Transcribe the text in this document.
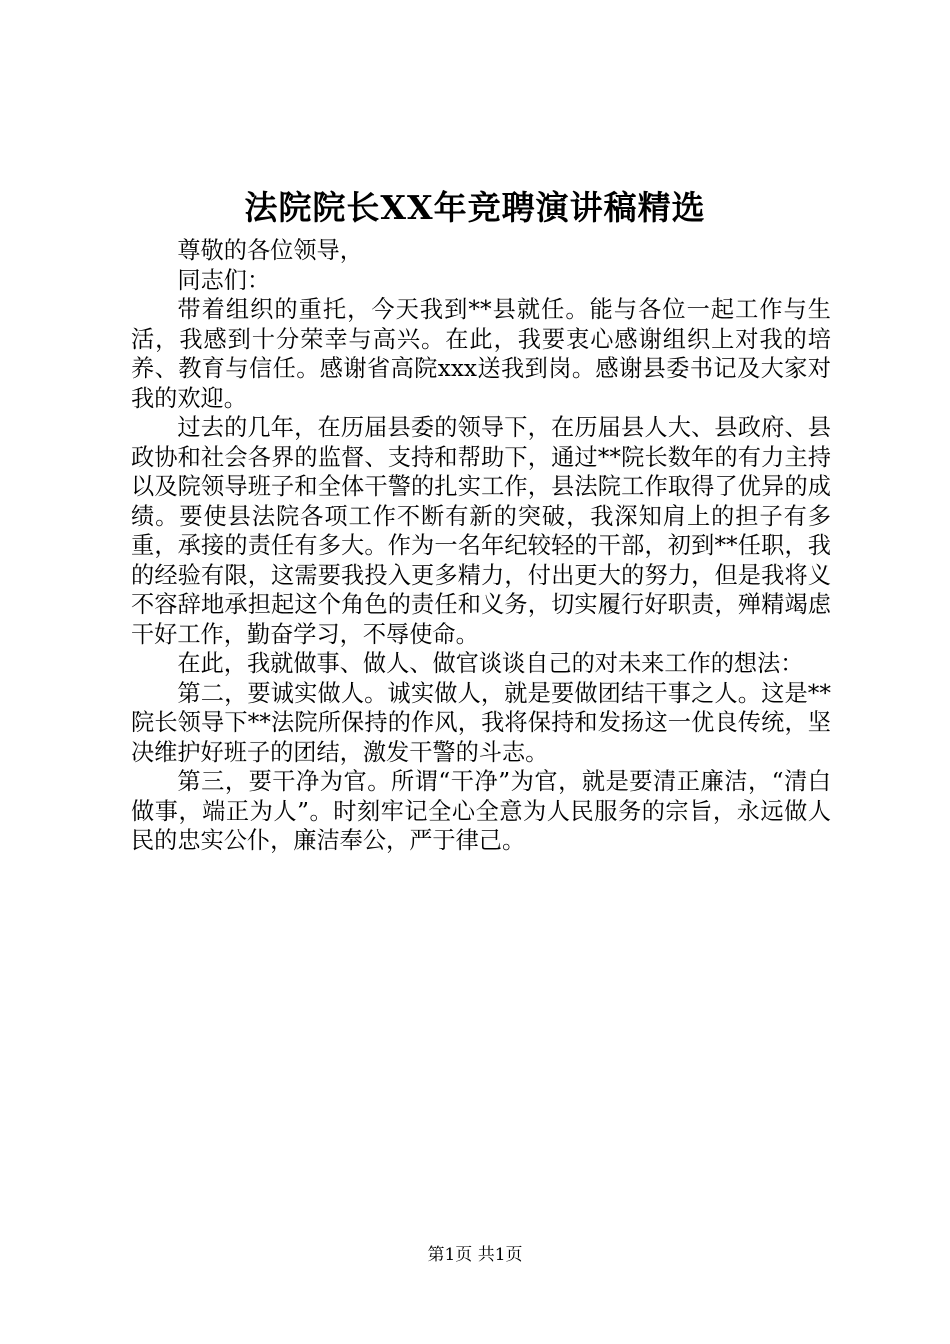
法院院长XX年竞聘演讲稿精选

尊敬的各位领导，

同志们：

带着组织的重托，今天我到**县就任。能与各位一起工作与生活，我感到十分荣幸与高兴。在此，我要衷心感谢组织上对我的培养、教育与信任。感谢省高院xxx送我到岗。感谢县委书记及大家对我的欢迎。

过去的几年，在历届县委的领导下，在历届县人大、县政府、县政协和社会各界的监督、支持和帮助下，通过**院长数年的有力主持以及院领导班子和全体干警的扎实工作，县法院工作取得了优异的成绩。要使县法院各项工作不断有新的突破，我深知肩上的担子有多重，承接的责任有多大。作为一名年纪较轻的干部，初到**任职，我的经验有限，这需要我投入更多精力，付出更大的努力，但是我将义不容辞地承担起这个角色的责任和义务，切实履行好职责，殚精竭虑干好工作，勤奋学习，不辱使命。

在此，我就做事、做人、做官谈谈自己的对未来工作的想法：

第二，要诚实做人。诚实做人，就是要做团结干事之人。这是**院长领导下**法院所保持的作风，我将保持和发扬这一优良传统，坚决维护好班子的团结，激发干警的斗志。

第三，要干净为官。所谓“干净”为官，就是要清正廉洁，“清白做事，端正为人”。时刻牢记全心全意为人民服务的宗旨，永远做人民的忠实公仆，廉洁奉公，严于律己。

第1页 共1页
